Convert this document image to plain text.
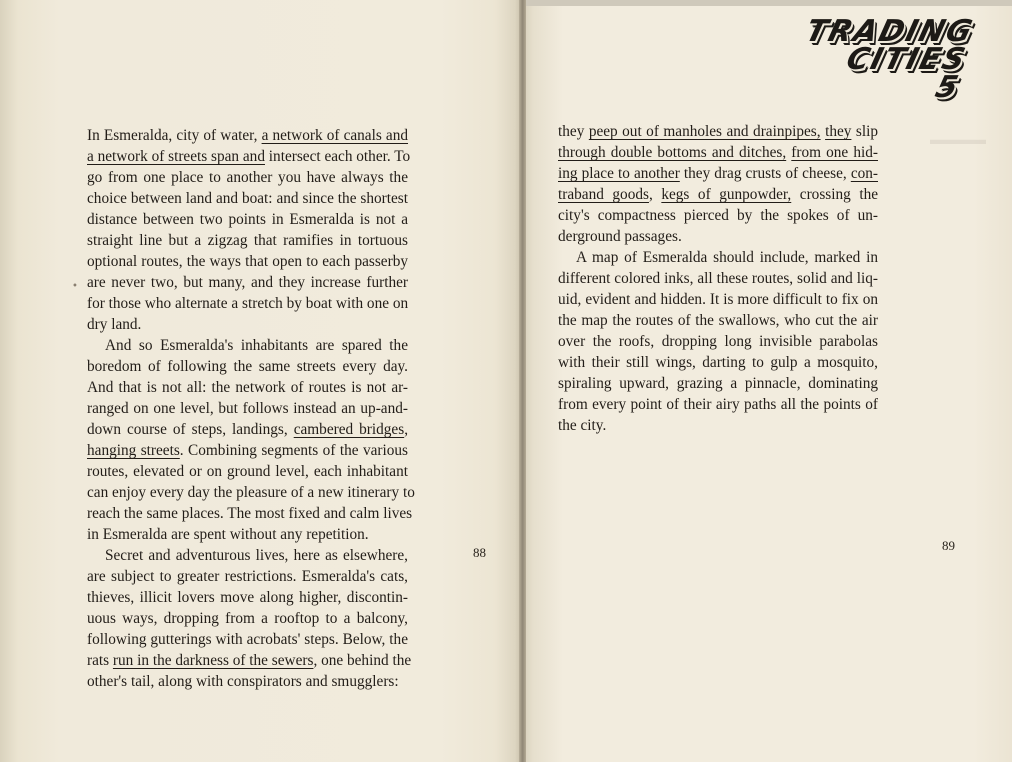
▬▬▬▬
TRADING
CITIES
5

In Esmeralda, city of water, a network of canals and
a network of streets span and intersect each other. To
go from one place to another you have always the
choice between land and boat: and since the shortest
distance between two points in Esmeralda is not a
straight line but a zigzag that ramifies in tortuous
optional routes, the ways that open to each passerby
are never two, but many, and they increase further
for those who alternate a stretch by boat with one on
dry land.

And so Esmeralda's inhabitants are spared the
boredom of following the same streets every day.
And that is not all: the network of routes is not ar-
ranged on one level, but follows instead an up-and-
down course of steps, landings, cambered bridges,
hanging streets. Combining segments of the various
routes, elevated or on ground level, each inhabitant
can enjoy every day the pleasure of a new itinerary to
reach the same places. The most fixed and calm lives
in Esmeralda are spent without any repetition.

Secret and adventurous lives, here as elsewhere,
are subject to greater restrictions. Esmeralda's cats,
thieves, illicit lovers move along higher, discontin-
uous ways, dropping from a rooftop to a balcony,
following gutterings with acrobats' steps. Below, the
rats run in the darkness of the sewers, one behind the
other's tail, along with conspirators and smugglers:

they peep out of manholes and drainpipes, they slip
through double bottoms and ditches, from one hid-
ing place to another they drag crusts of cheese, con-
traband goods, kegs of gunpowder, crossing the
city's compactness pierced by the spokes of un-
derground passages.

A map of Esmeralda should include, marked in
different colored inks, all these routes, solid and liq-
uid, evident and hidden. It is more difficult to fix on
the map the routes of the swallows, who cut the air
over the roofs, dropping long invisible parabolas
with their still wings, darting to gulp a mosquito,
spiraling upward, grazing a pinnacle, dominating
from every point of their airy paths all the points of
the city.

88	89
•
